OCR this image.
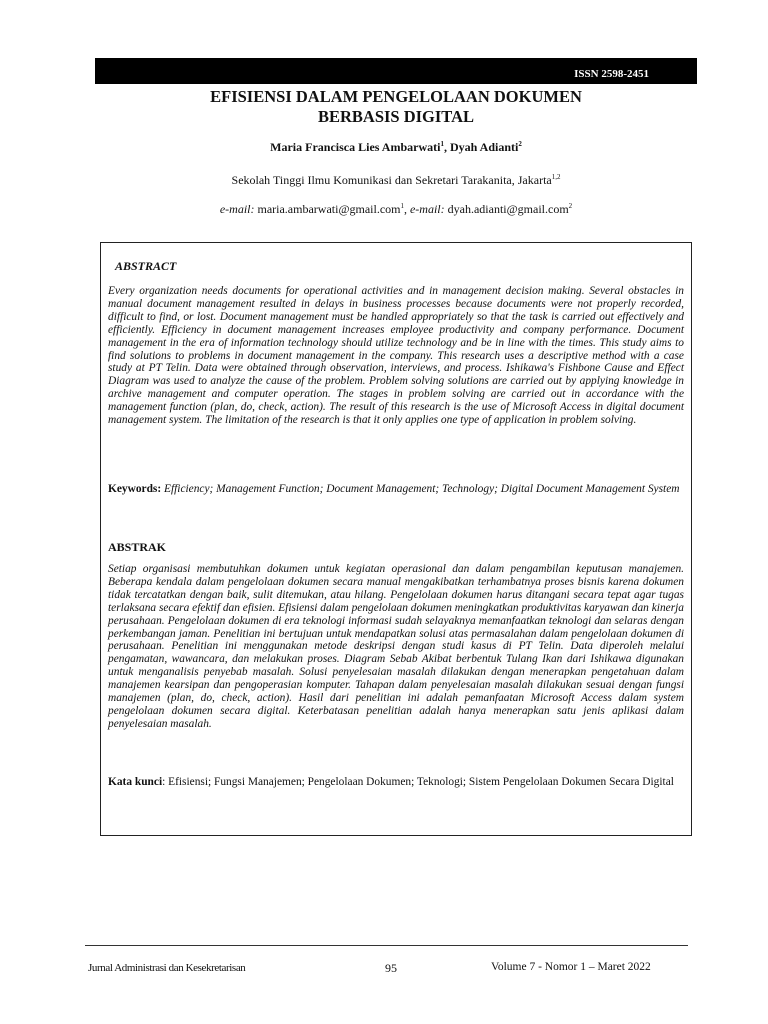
ISSN 2598-2451
EFISIENSI DALAM PENGELOLAAN DOKUMEN
BERBASIS DIGITAL
Maria Francisca Lies Ambarwati$^1$, Dyah Adianti$^2$
Sekolah Tinggi Ilmu Komunikasi dan Sekretari Tarakanita, Jakarta$^{1,2}$
e-mail: maria.ambarwati@gmail.com$^1$, e-mail: dyah.adianti@gmail.com$^2$
ABSTRACT

Every organization needs documents for operational activities and in management decision making. Several obstacles in manual document management resulted in delays in business processes because documents were not properly recorded, difficult to find, or lost. Document management must be handled appropriately so that the task is carried out effectively and efficiently. Efficiency in document management increases employee productivity and company performance. Document management in the era of information technology should utilize technology and be in line with the times. This study aims to find solutions to problems in document management in the company. This research uses a descriptive method with a case study at PT Telin. Data were obtained through observation, interviews, and process. Ishikawa's Fishbone Cause and Effect Diagram was used to analyze the cause of the problem. Problem solving solutions are carried out by applying knowledge in archive management and computer operation. The stages in problem solving are carried out in accordance with the management function (plan, do, check, action). The result of this research is the use of Microsoft Access in digital document management system. The limitation of the research is that it only applies one type of application in problem solving.

Keywords: Efficiency; Management Function; Document Management; Technology; Digital Document Management System

ABSTRAK

Setiap organisasi membutuhkan dokumen untuk kegiatan operasional dan dalam pengambilan keputusan manajemen. Beberapa kendala dalam pengelolaan dokumen secara manual mengakibatkan terhambatnya proses bisnis karena dokumen tidak tercatatkan dengan baik, sulit ditemukan, atau hilang. Pengelolaan dokumen harus ditangani secara tepat agar tugas terlaksana secara efektif dan efisien. Efisiensi dalam pengelolaan dokumen meningkatkan produktivitas karyawan dan kinerja perusahaan. Pengelolaan dokumen di era teknologi informasi sudah selayaknya memanfaatkan teknologi dan selaras dengan perkembangan jaman. Penelitian ini bertujuan untuk mendapatkan solusi atas permasalahan dalam pengelolaan dokumen di perusahaan. Penelitian ini menggunakan metode deskripsi dengan studi kasus di PT Telin. Data diperoleh melalui pengamatan, wawancara, dan melakukan proses. Diagram Sebab Akibat berbentuk Tulang Ikan dari Ishikawa digunakan untuk menganalisis penyebab masalah. Solusi penyelesaian masalah dilakukan dengan menerapkan pengetahuan dalam manajemen kearsipan dan pengoperasian komputer. Tahapan dalam penyelesaian masalah dilakukan sesuai dengan fungsi manajemen (plan, do, check, action). Hasil dari penelitian ini adalah pemanfaatan Microsoft Access dalam system pengelolaan dokumen secara digital. Keterbatasan penelitian adalah hanya menerapkan satu jenis aplikasi dalam penyelesaian masalah.

Kata kunci: Efisiensi; Fungsi Manajemen; Pengelolaan Dokumen; Teknologi; Sistem Pengelolaan Dokumen Secara Digital

Jurnal Administrasi dan Kesekretarisan	95	Volume 7 - Nomor 1 – Maret 2022
